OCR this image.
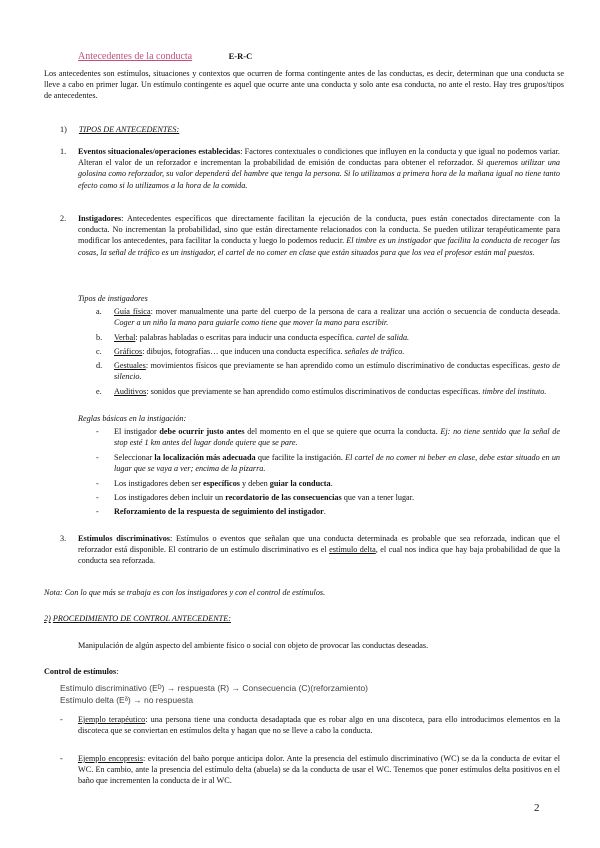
Antecedentes de la conducta	E-R-C

Los antecedentes son estímulos, situaciones y contextos que ocurren de forma contingente antes de las conductas, es decir, determinan que una conducta se lleve a cabo en primer lugar. Un estímulo contingente es aquel que ocurre ante una conducta y solo ante esa conducta, no ante el resto. Hay tres grupos/tipos de antecedentes.

1) TIPOS DE ANTECEDENTES:
1. Eventos situacionales/operaciones establecidas: Factores contextuales o condiciones que influyen en la conducta y que igual no podemos variar. Alteran el valor de un reforzador e incrementan la probabilidad de emisión de conductas para obtener el reforzador. Si queremos utilizar una golosina como reforzador, su valor dependerá del hambre que tenga la persona. Si lo utilizamos a primera hora de la mañana igual no tiene tanto efecto como si lo utilizamos a la hora de la comida.

2. Instigadores: Antecedentes específicos que directamente facilitan la ejecución de la conducta, pues están conectados directamente con la conducta. No incrementan la probabilidad, sino que están directamente relacionados con la conducta. Se pueden utilizar terapéuticamente para modificar los antecedentes, para facilitar la conducta y luego lo podemos reducir. El timbre es un instigador que facilita la conducta de recoger las cosas, la señal de tráfico es un instigador, el cartel de no comer en clase que están situados para que los vea el profesor están mal puestos.

Tipos de instigadores
a. Guía física: mover manualmente una parte del cuerpo de la persona de cara a realizar una acción o secuencia de conducta deseada. Coger a un niño la mano para guiarle como tiene que mover la mano para escribir.

b. Verbal: palabras habladas o escritas para inducir una conducta específica. cartel de salida.

c. Gráficos: dibujos, fotografías… que inducen una conducta específica. señales de tráfico.

d. Gestuales: movimientos físicos que previamente se han aprendido como un estímulo discriminativo de conductas específicas. gesto de silencio.

e. Auditivos: sonidos que previamente se han aprendido como estímulos discriminativos de conductas específicas. timbre del instituto.

Reglas básicas en la instigación:
- El instigador debe ocurrir justo antes del momento en el que se quiere que ocurra la conducta. Ej: no tiene sentido que la señal de stop esté 1 km antes del lugar donde quiere que se pare.

- Seleccionar la localización más adecuada que facilite la instigación. El cartel de no comer ni beber en clase, debe estar situado en un lugar que se vaya a ver; encima de la pizarra.

- Los instigadores deben ser específicos y deben guiar la conducta.

- Los instigadores deben incluir un recordatorio de las consecuencias que van a tener lugar.

- Reforzamiento de la respuesta de seguimiento del instigador.

3. Estímulos discriminativos: Estímulos o eventos que señalan que una conducta determinada es probable que sea reforzada, indican que el reforzador está disponible. El contrario de un estímulo discriminativo es el estímulo delta, el cual nos indica que hay baja probabilidad de que la conducta sea reforzada.

Nota: Con lo que más se trabaja es con los instigadores y con el control de estímulos.

2) PROCEDIMIENTO DE CONTROL ANTECEDENTE:

Manipulación de algún aspecto del ambiente físico o social con objeto de provocar las conductas deseadas.

Control de estímulos:
Estímulo discriminativo (Eᴰ) → respuesta (R) → Consecuencia (C)(reforzamiento)
Estímulo delta (Eᵟ) → no respuesta
- Ejemplo terapéutico: una persona tiene una conducta desadaptada que es robar algo en una discoteca, para ello introducimos elementos en la discoteca que se conviertan en estímulos delta y hagan que no se lleve a cabo la conducta.

- Ejemplo encopresis: evitación del baño porque anticipa dolor. Ante la presencia del estímulo discriminativo (WC) se da la conducta de evitar el WC. En cambio, ante la presencia del estímulo delta (abuela) se da la conducta de usar el WC. Tenemos que poner estímulos delta positivos en el baño que incrementen la conducta de ir al WC.

2
